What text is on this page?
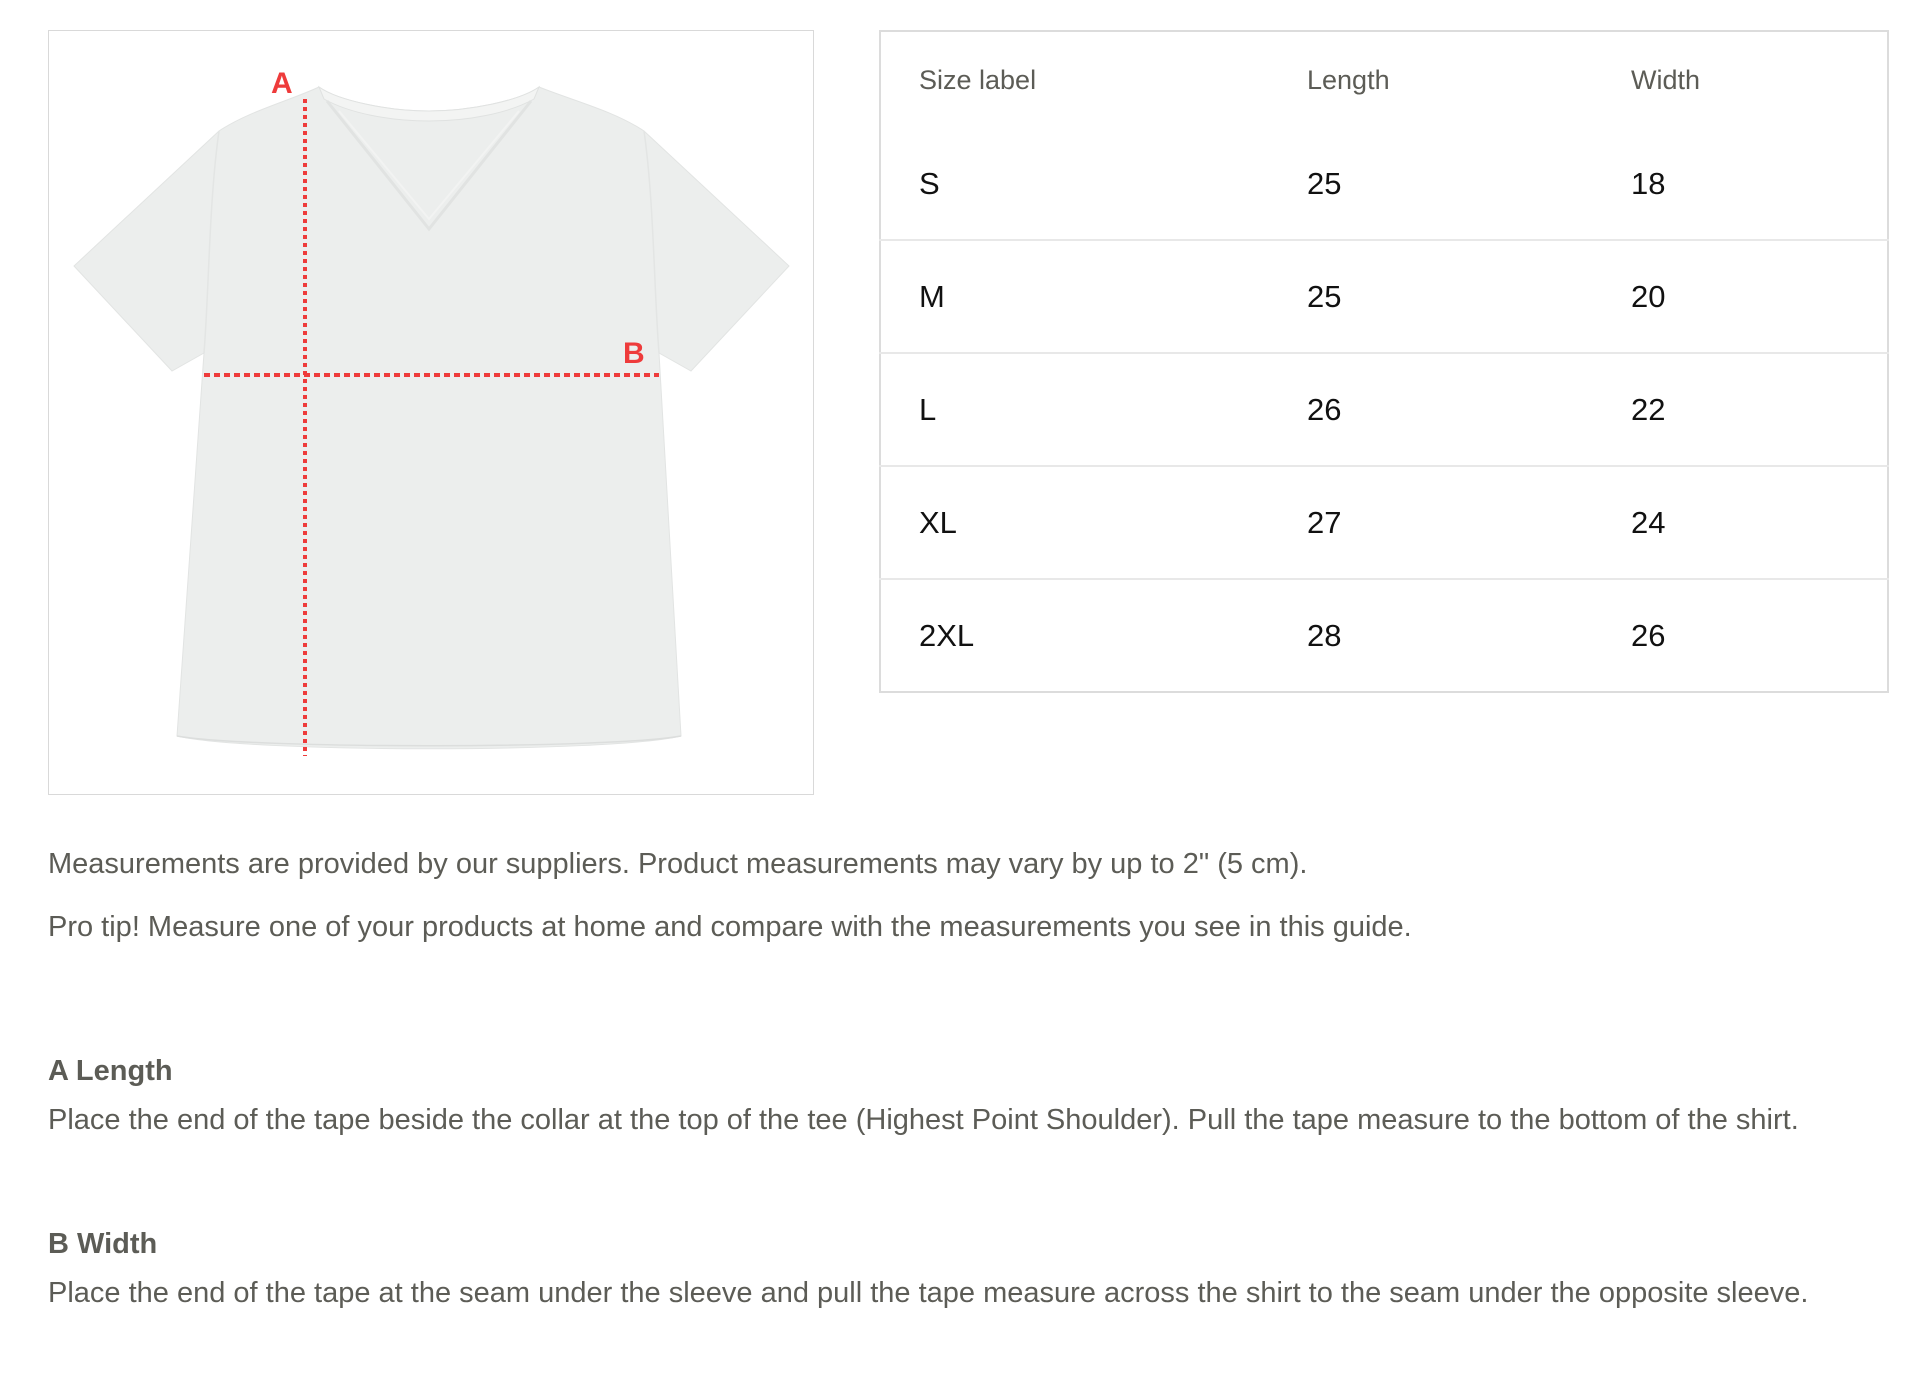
A
B
Size label	Length	Width
S	25	18
M	25	20
L	26	22
XL	27	24
2XL	28	26

Measurements are provided by our suppliers. Product measurements may vary by up to 2" (5 cm).

Pro tip! Measure one of your products at home and compare with the measurements you see in this guide.

A Length

Place the end of the tape beside the collar at the top of the tee (Highest Point Shoulder). Pull the tape measure to the bottom of the shirt.

B Width

Place the end of the tape at the seam under the sleeve and pull the tape measure across the shirt to the seam under the opposite sleeve.
